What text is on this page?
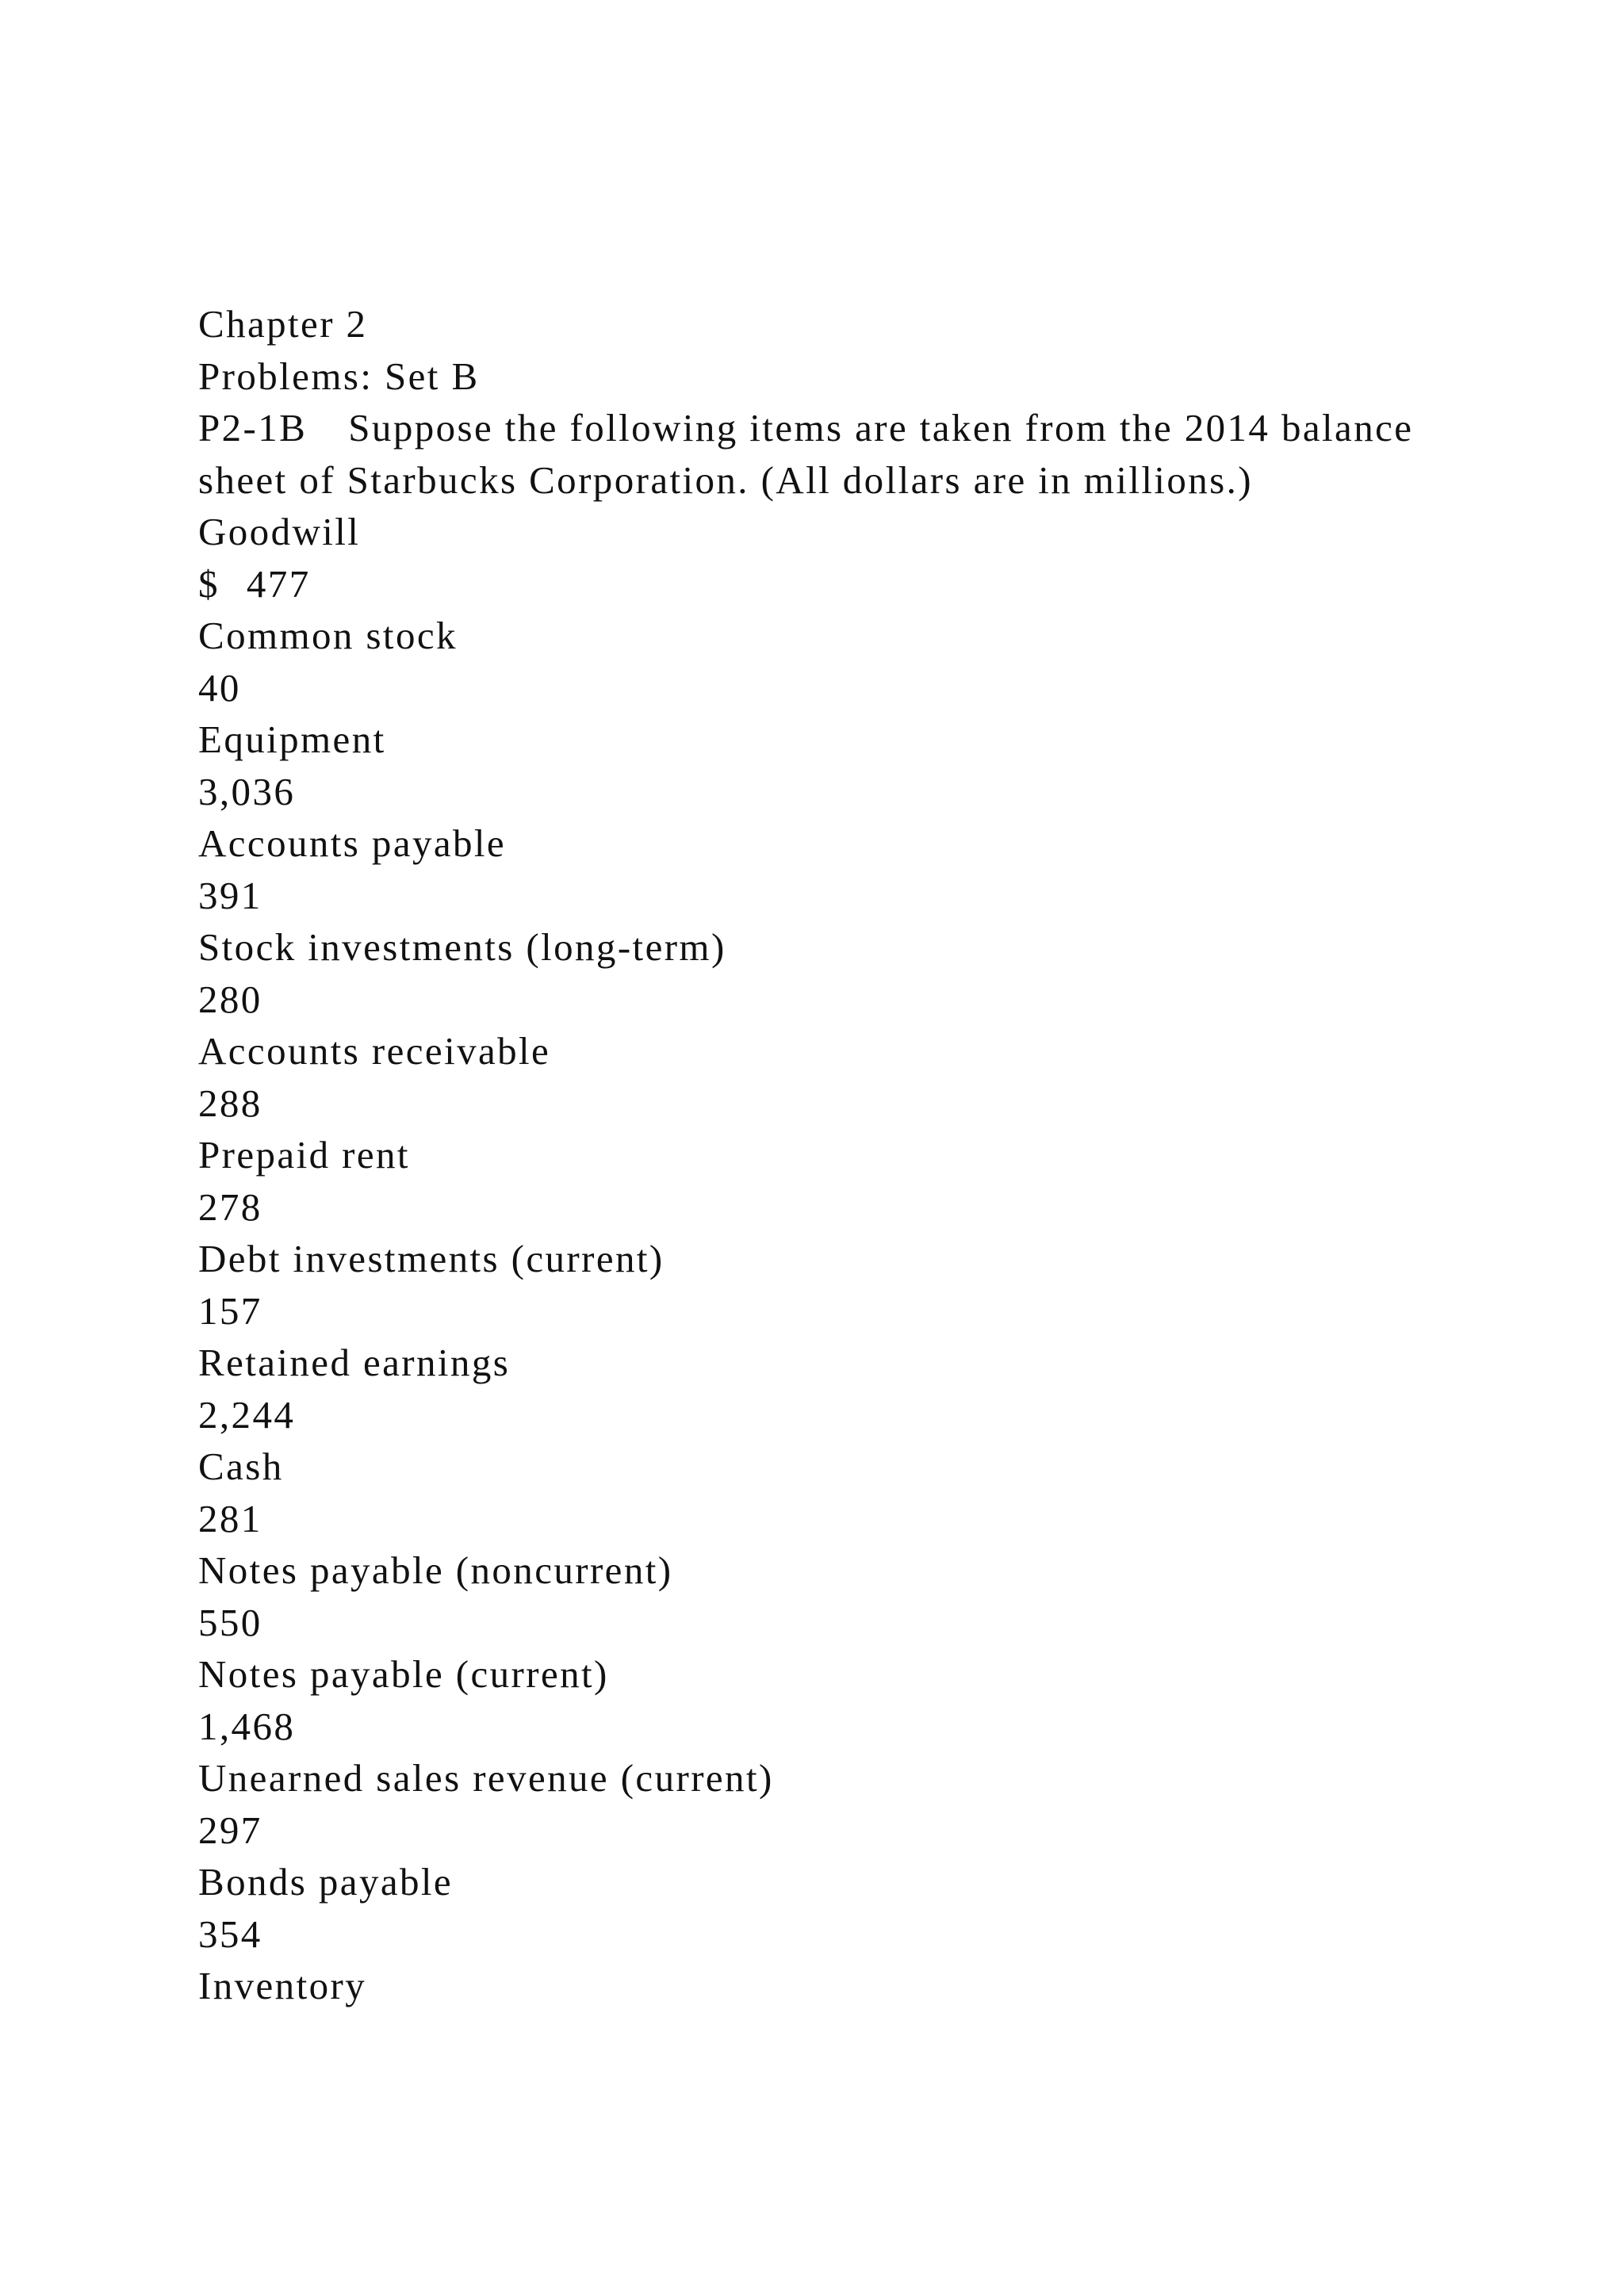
Chapter 2
Problems: Set B
P2-1B Suppose the following items are taken from the 2014 balance sheet of Starbucks Corporation. (All dollars are in millions.)
Goodwill
$ 477
Common stock
40
Equipment
3,036
Accounts payable
391
Stock investments (long-term)
280
Accounts receivable
288
Prepaid rent
278
Debt investments (current)
157
Retained earnings
2,244
Cash
281
Notes payable (noncurrent)
550
Notes payable (current)
1,468
Unearned sales revenue (current)
297
Bonds payable
354
Inventory
